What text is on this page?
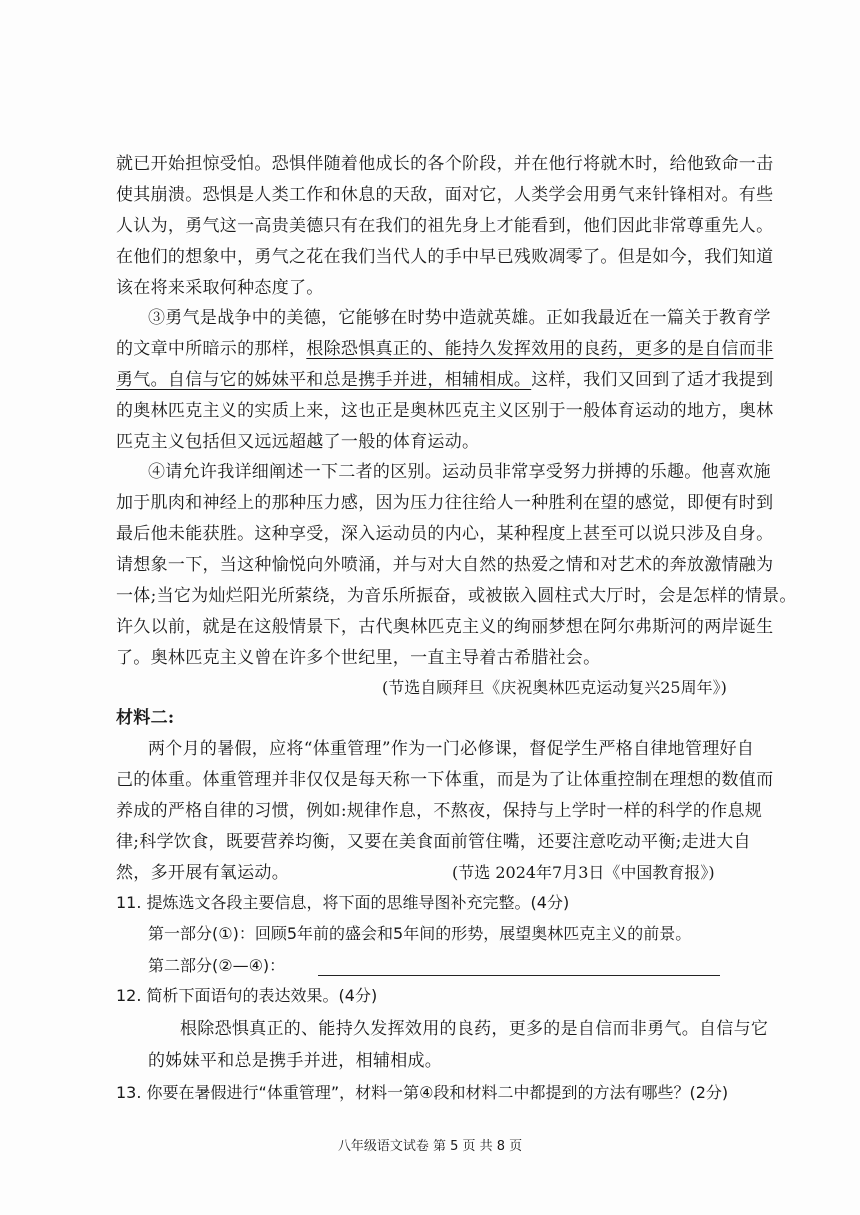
就已开始担惊受怕。恐惧伴随着他成长的各个阶段，并在他行将就木时，给他致命一击
使其崩溃。恐惧是人类工作和休息的天敌，面对它，人类学会用勇气来针锋相对。有些
人认为，勇气这一高贵美德只有在我们的祖先身上才能看到，他们因此非常尊重先人。
在他们的想象中，勇气之花在我们当代人的手中早已残败凋零了。但是如今，我们知道
该在将来采取何种态度了。
③勇气是战争中的美德，它能够在时势中造就英雄。正如我最近在一篇关于教育学
的文章中所暗示的那样，根除恐惧真正的、能持久发挥效用的良药，更多的是自信而非
勇气。自信与它的姊妹平和总是携手并进，相辅相成。这样，我们又回到了适才我提到
的奥林匹克主义的实质上来，这也正是奥林匹克主义区别于一般体育运动的地方，奥林
匹克主义包括但又远远超越了一般的体育运动。
④请允许我详细阐述一下二者的区别。运动员非常享受努力拼搏的乐趣。他喜欢施
加于肌肉和神经上的那种压力感，因为压力往往给人一种胜利在望的感觉，即便有时到
最后他未能获胜。这种享受，深入运动员的内心，某种程度上甚至可以说只涉及自身。
请想象一下，当这种愉悦向外喷涌，并与对大自然的热爱之情和对艺术的奔放激情融为
一体;当它为灿烂阳光所萦绕，为音乐所振奋，或被嵌入圆柱式大厅时，会是怎样的情景。
许久以前，就是在这般情景下，古代奥林匹克主义的绚丽梦想在阿尔弗斯河的两岸诞生
了。奥林匹克主义曾在许多个世纪里，一直主导着古希腊社会。
(节选自顾拜旦《庆祝奥林匹克运动复兴25周年》)
材料二:
两个月的暑假，应将“体重管理”作为一门必修课，督促学生严格自律地管理好自
己的体重。体重管理并非仅仅是每天称一下体重，而是为了让体重控制在理想的数值而
养成的严格自律的习惯，例如:规律作息，不熬夜，保持与上学时一样的科学的作息规
律;科学饮食，既要营养均衡，又要在美食面前管住嘴，还要注意吃动平衡;走进大自
然，多开展有氧运动。	(节选 2024年7月3日《中国教育报》)
11. 提炼选文各段主要信息，将下面的思维导图补充完整。(4分)
第一部分(①)：回顾5年前的盛会和5年间的形势，展望奥林匹克主义的前景。
第二部分(②—④)：
12. 简析下面语句的表达效果。(4分)
根除恐惧真正的、能持久发挥效用的良药，更多的是自信而非勇气。自信与它
的姊妹平和总是携手并进，相辅相成。
13. 你要在暑假进行“体重管理”，材料一第④段和材料二中都提到的方法有哪些？(2分)
八年级语文试卷 第 5 页 共 8 页
